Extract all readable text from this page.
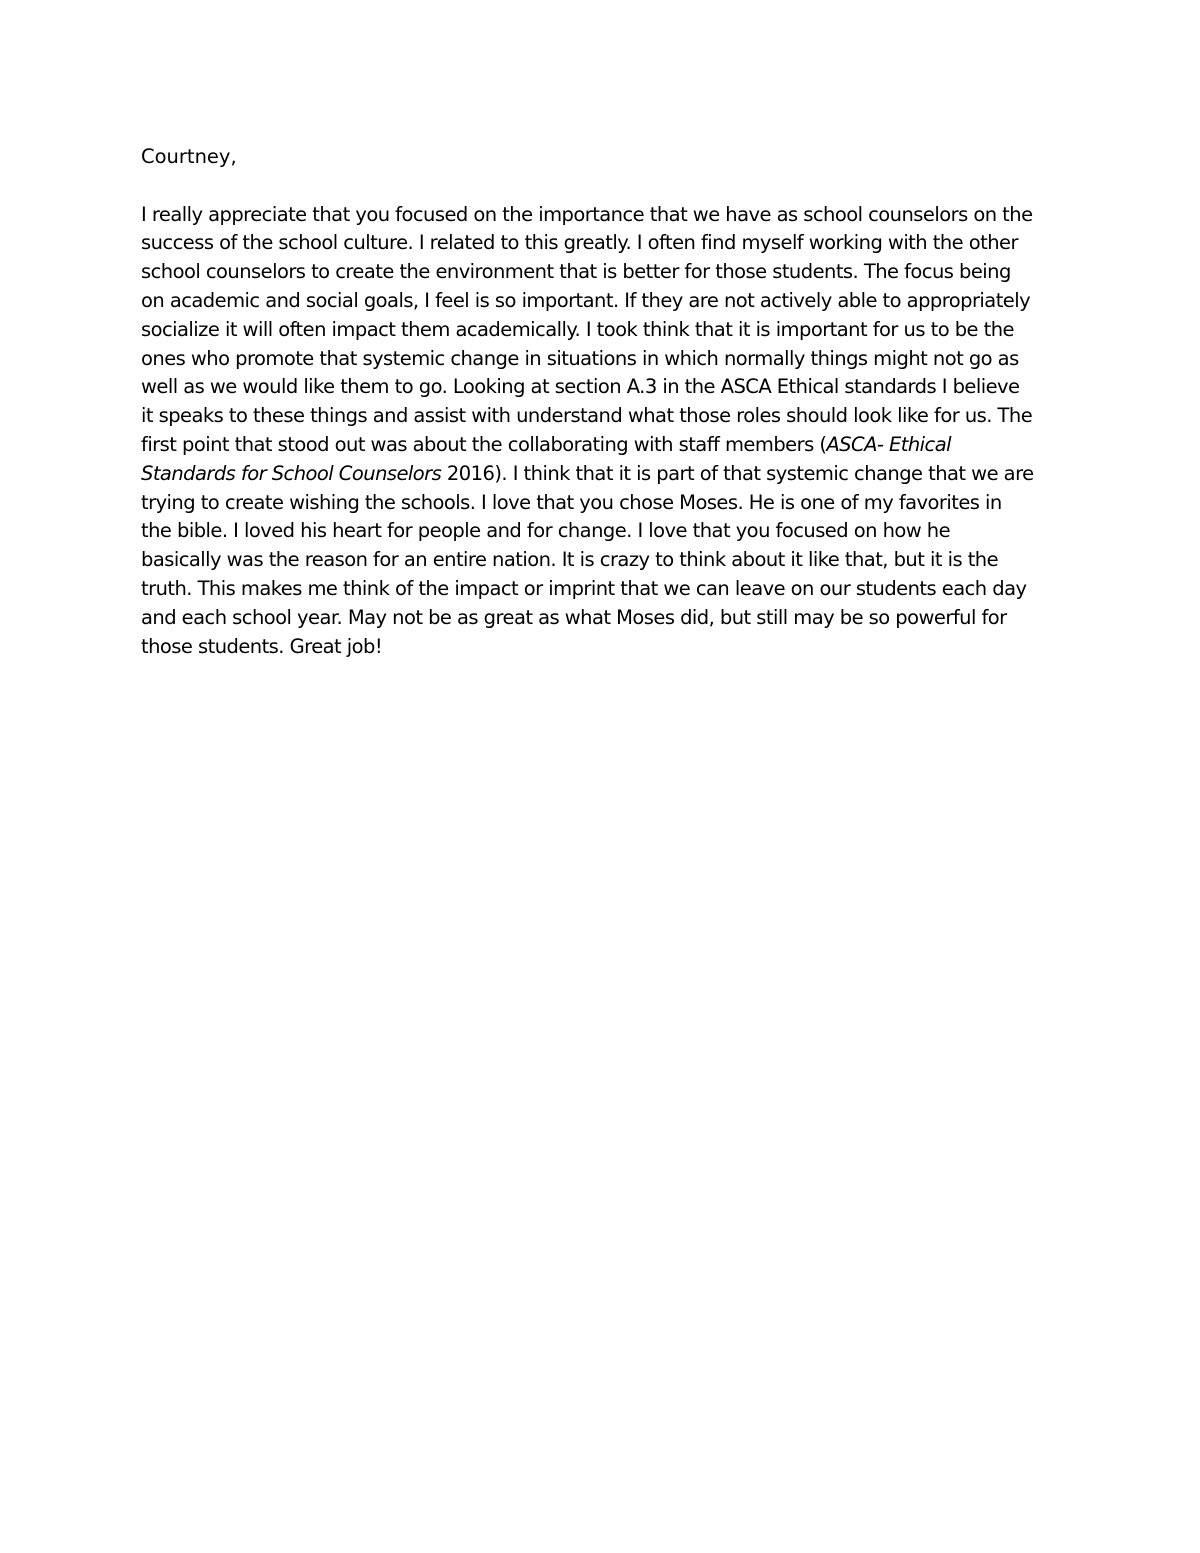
Courtney,
I really appreciate that you focused on the importance that we have as school counselors on the
success of the school culture. I related to this greatly. I often find myself working with the other
school counselors to create the environment that is better for those students. The focus being
on academic and social goals, I feel is so important. If they are not actively able to appropriately
socialize it will often impact them academically. I took think that it is important for us to be the
ones who promote that systemic change in situations in which normally things might not go as
well as we would like them to go. Looking at section A.3 in the ASCA Ethical standards I believe
it speaks to these things and assist with understand what those roles should look like for us. The
first point that stood out was about the collaborating with staff members (ASCA- Ethical
Standards for School Counselors 2016). I think that it is part of that systemic change that we are
trying to create wishing the schools. I love that you chose Moses. He is one of my favorites in
the bible. I loved his heart for people and for change. I love that you focused on how he
basically was the reason for an entire nation. It is crazy to think about it like that, but it is the
truth. This makes me think of the impact or imprint that we can leave on our students each day
and each school year. May not be as great as what Moses did, but still may be so powerful for
those students. Great job!
